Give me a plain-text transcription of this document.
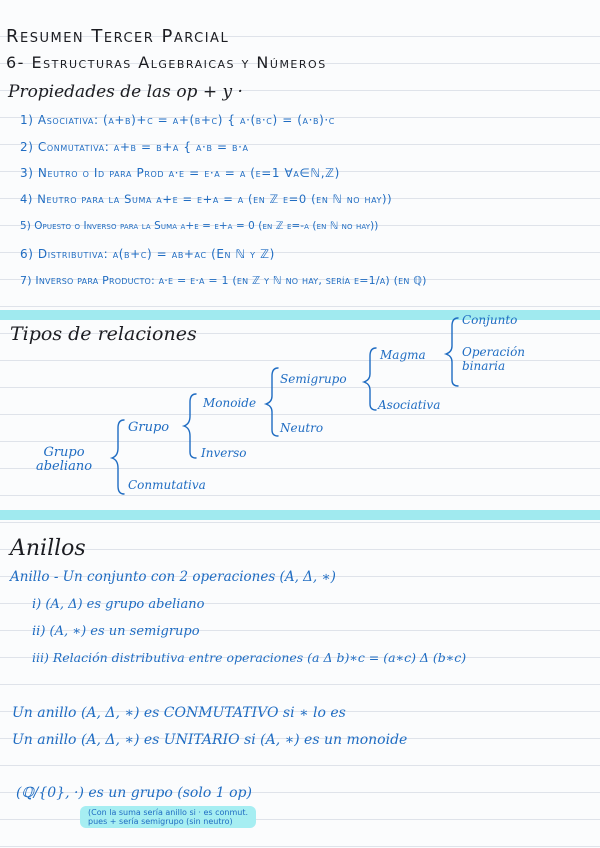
Resumen Tercer Parcial
6- Estructuras Algebraicas y Números
Propiedades de las op + y ·
1) Asociativa: (a+b)+c = a+(b+c) { a·(b·c) = (a·b)·c
2) Conmutativa: a+b = b+a { a·b = b·a
3) Neutro o Id para Prod a·e = e·a = a (e=1 ∀a∈ℕ,ℤ)
4) Neutro para la Suma a+e = e+a = a (en ℤ e=0 (en ℕ no hay))
5) Opuesto o Inverso para la Suma a+e = e+a = 0 (en ℤ e=-a (en ℕ no hay))
6) Distributiva: a(b+c) = ab+ac (En ℕ y ℤ)
7) Inverso para Producto: a·e = e·a = 1 (en ℤ y ℕ no hay, sería e=1/a) (en ℚ)
Tipos de relaciones
Grupo abeliano
Grupo
Conmutativa
Monoide
Inverso
Semigrupo
Neutro
Magma
Asociativa
Conjunto
Operación binaria
Anillos
Anillo - Un conjunto con 2 operaciones (A, Δ, ∗)
i) (A, Δ) es grupo abeliano
ii) (A, ∗) es un semigrupo
iii) Relación distributiva entre operaciones (a Δ b)∗c = (a∗c) Δ (b∗c)
Un anillo (A, Δ, ∗) es CONMUTATIVO si ∗ lo es
Un anillo (A, Δ, ∗) es UNITARIO si (A, ∗) es un monoide
(ℚ/{0}, ·) es un grupo (solo 1 op)
(Con la suma sería anillo si · es conmut.
pues + sería semigrupo (sin neutro)
